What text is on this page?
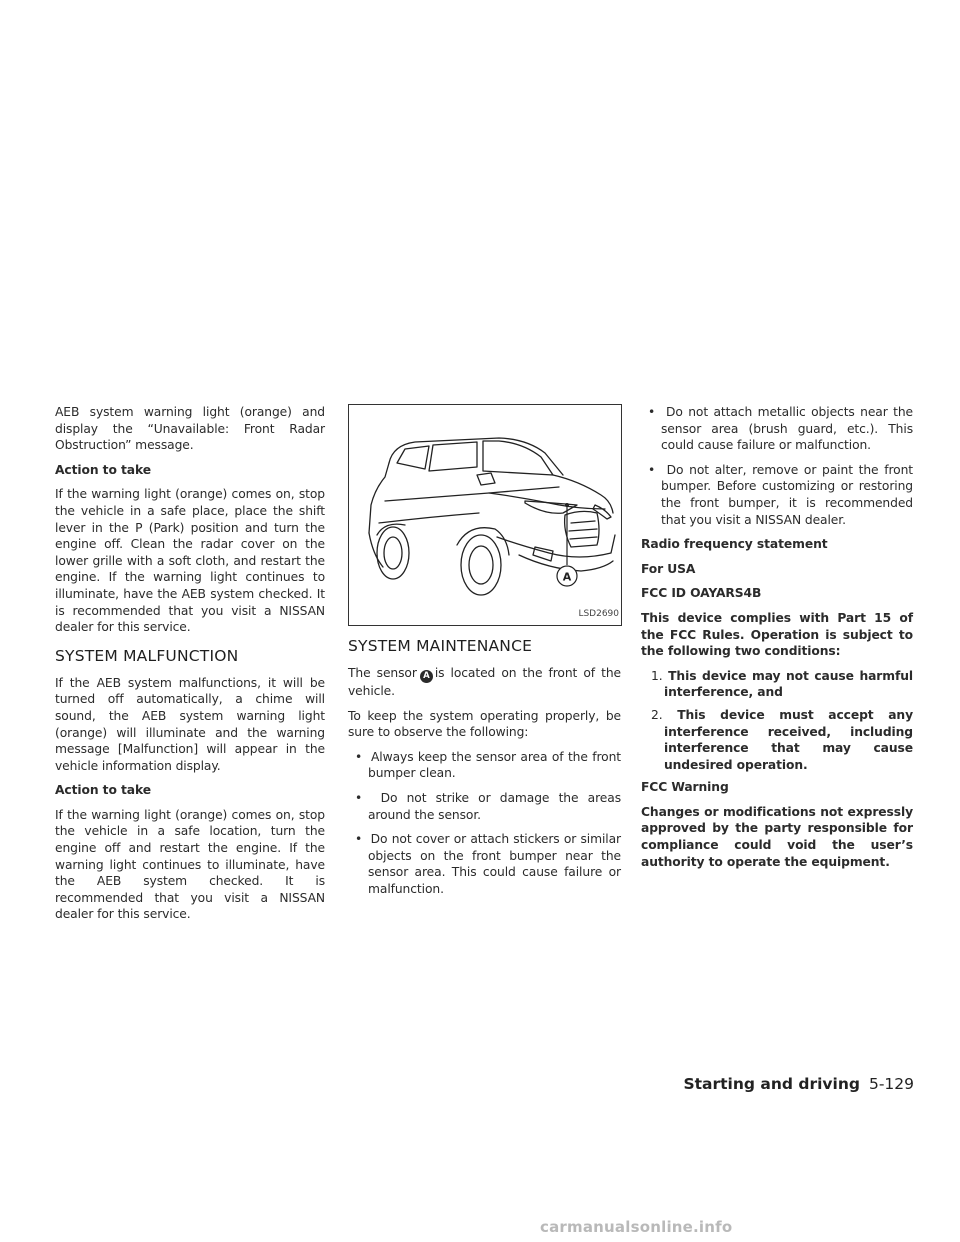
AEB system warning light (orange) and display the “Unavailable: Front Radar Obstruction” message.

Action to take

If the warning light (orange) comes on, stop the vehicle in a safe place, place the shift lever in the P (Park) position and turn the engine off. Clean the radar cover on the lower grille with a soft cloth, and restart the engine. If the warning light continues to illuminate, have the AEB system checked. It is recommended that you visit a NISSAN dealer for this service.

SYSTEM MALFUNCTION

If the AEB system malfunctions, it will be turned off automatically, a chime will sound, the AEB system warning light (orange) will illuminate and the warning message [Malfunction] will appear in the vehicle information display.

Action to take

If the warning light (orange) comes on, stop the vehicle in a safe location, turn the engine off and restart the engine. If the warning light continues to illuminate, have the AEB system checked. It is recommended that you visit a NISSAN dealer for this service.

A
LSD2690
SYSTEM MAINTENANCE

The sensor A is located on the front of the vehicle.

To keep the system operating properly, be sure to observe the following:

•  Always keep the sensor area of the front bumper clean.

•  Do not strike or damage the areas around the sensor.

•  Do not cover or attach stickers or similar objects on the front bumper near the sensor area. This could cause failure or malfunction.

•  Do not attach metallic objects near the sensor area (brush guard, etc.). This could cause failure or malfunction.

•  Do not alter, remove or paint the front bumper. Before customizing or restoring the front bumper, it is recommended that you visit a NISSAN dealer.

Radio frequency statement

For USA

FCC ID OAYARS4B

This device complies with Part 15 of the FCC Rules. Operation is subject to the following two conditions:

1. This device may not cause harmful interference, and

2. This device must accept any interference received, including interference that may cause undesired operation.

FCC Warning

Changes or modifications not expressly approved by the party responsible for compliance could void the user’s authority to operate the equipment.

Starting and driving 5-129
carmanualsonline.info
